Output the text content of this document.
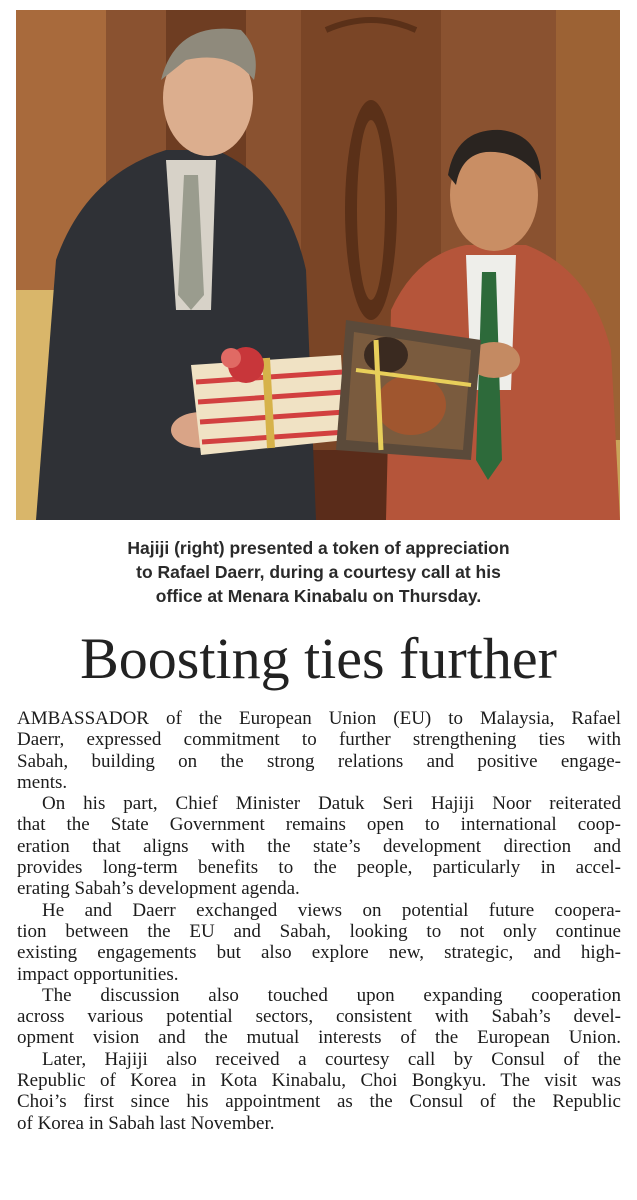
Hajiji (right) presented a token of appreciation
to Rafael Daerr, during a courtesy call at his
office at Menara Kinabalu on Thursday.
Boosting ties further
AMBASSADOR of the European Union (EU) to Malaysia, Rafael
Daerr, expressed commitment to further strengthening ties with
Sabah, building on the strong relations and positive engage-
ments.
On his part, Chief Minister Datuk Seri Hajiji Noor reiterated
that the State Government remains open to international coop-
eration that aligns with the state’s development direction and
provides long-term benefits to the people, particularly in accel-
erating Sabah’s development agenda.
He and Daerr exchanged views on potential future coopera-
tion between the EU and Sabah, looking to not only continue
existing engagements but also explore new, strategic, and high-
impact opportunities.
The discussion also touched upon expanding cooperation
across various potential sectors, consistent with Sabah’s devel-
opment vision and the mutual interests of the European Union.
Later, Hajiji also received a courtesy call by Consul of the
Republic of Korea in Kota Kinabalu, Choi Bongkyu. The visit was
Choi’s first since his appointment as the Consul of the Republic
of Korea in Sabah last November.
